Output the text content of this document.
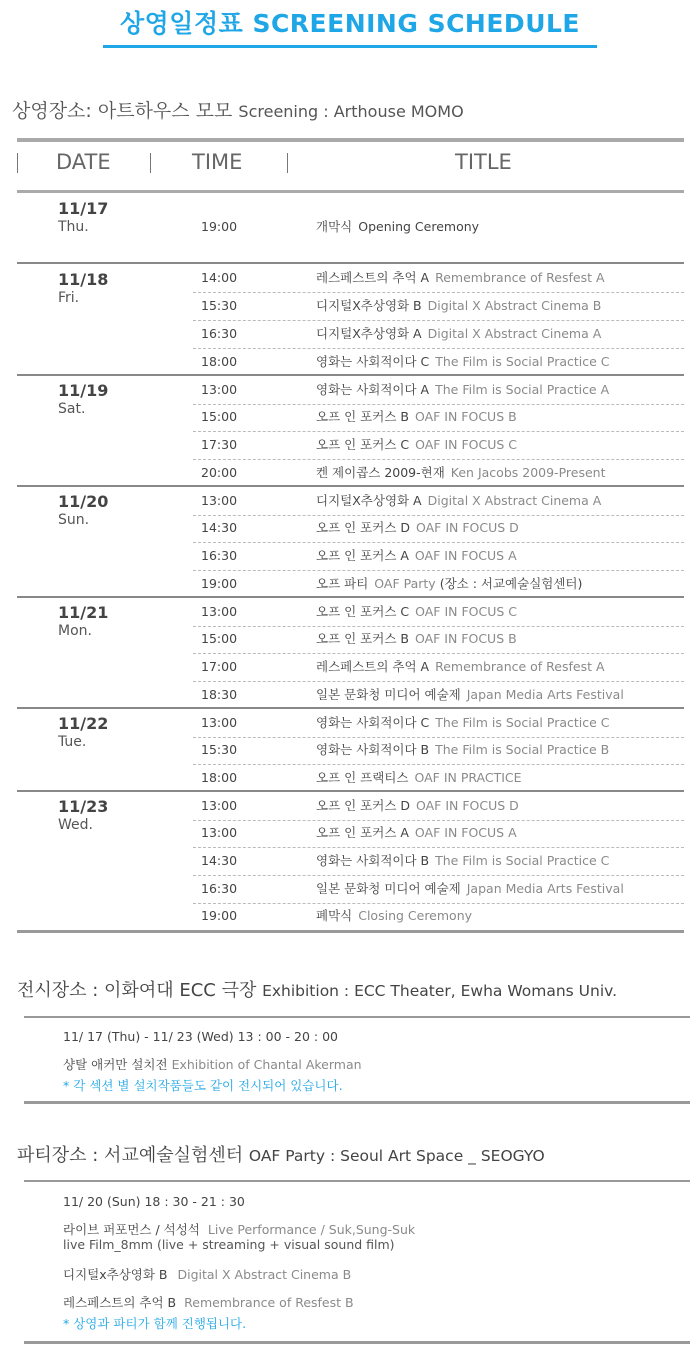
상영일정표 SCREENING SCHEDULE
상영장소: 아트하우스 모모 Screening : Arthouse MOMO
DATE	TIME	TITLE
11/17
Thu.	19:00	개막식 Opening Ceremony
11/18
Fri.
14:00	레스페스트의 추억 A Remembrance of Resfest A
15:30	디지털X추상영화 B Digital X Abstract Cinema B
16:30	디지털X추상영화 A Digital X Abstract Cinema A
18:00	영화는 사회적이다 C The Film is Social Practice C
11/19
Sat.
13:00	영화는 사회적이다 A The Film is Social Practice A
15:00	오프 인 포커스 B OAF IN FOCUS B
17:30	오프 인 포커스 C OAF IN FOCUS C
20:00	켄 제이콥스 2009-현재 Ken Jacobs 2009-Present
11/20
Sun.
13:00	디지털X추상영화 A Digital X Abstract Cinema A
14:30	오프 인 포커스 D OAF IN FOCUS D
16:30	오프 인 포커스 A OAF IN FOCUS A
19:00	오프 파티 OAF Party (장소 : 서교예술실험센터)
11/21
Mon.
13:00	오프 인 포커스 C OAF IN FOCUS C
15:00	오프 인 포커스 B OAF IN FOCUS B
17:00	레스페스트의 추억 A Remembrance of Resfest A
18:30	일본 문화청 미디어 예술제 Japan Media Arts Festival
11/22
Tue.
13:00	영화는 사회적이다 C The Film is Social Practice C
15:30	영화는 사회적이다 B The Film is Social Practice B
18:00	오프 인 프랙티스 OAF IN PRACTICE
11/23
Wed.
13:00	오프 인 포커스 D OAF IN FOCUS D
13:00	오프 인 포커스 A OAF IN FOCUS A
14:30	영화는 사회적이다 B The Film is Social Practice C
16:30	일본 문화청 미디어 예술제 Japan Media Arts Festival
19:00	폐막식 Closing Ceremony
전시장소 : 이화여대 ECC 극장 Exhibition : ECC Theater, Ewha Womans Univ.
11/ 17 (Thu) - 11/ 23 (Wed) 13 : 00 - 20 : 00
샹탈 애커만 설치전 Exhibition of Chantal Akerman
* 각 섹션 별 설치작품들도 같이 전시되어 있습니다.
파티장소 : 서교예술실험센터 OAF Party : Seoul Art Space _ SEOGYO
11/ 20 (Sun) 18 : 30 - 21 : 30
라이브 퍼포먼스 / 석성석 Live Performance / Suk,Sung-Suk
live Film_8mm (live + streaming + visual sound film)
디지털x추상영화 B Digital X Abstract Cinema B
레스페스트의 추억 B Remembrance of Resfest B
* 상영과 파티가 함께 진행됩니다.
